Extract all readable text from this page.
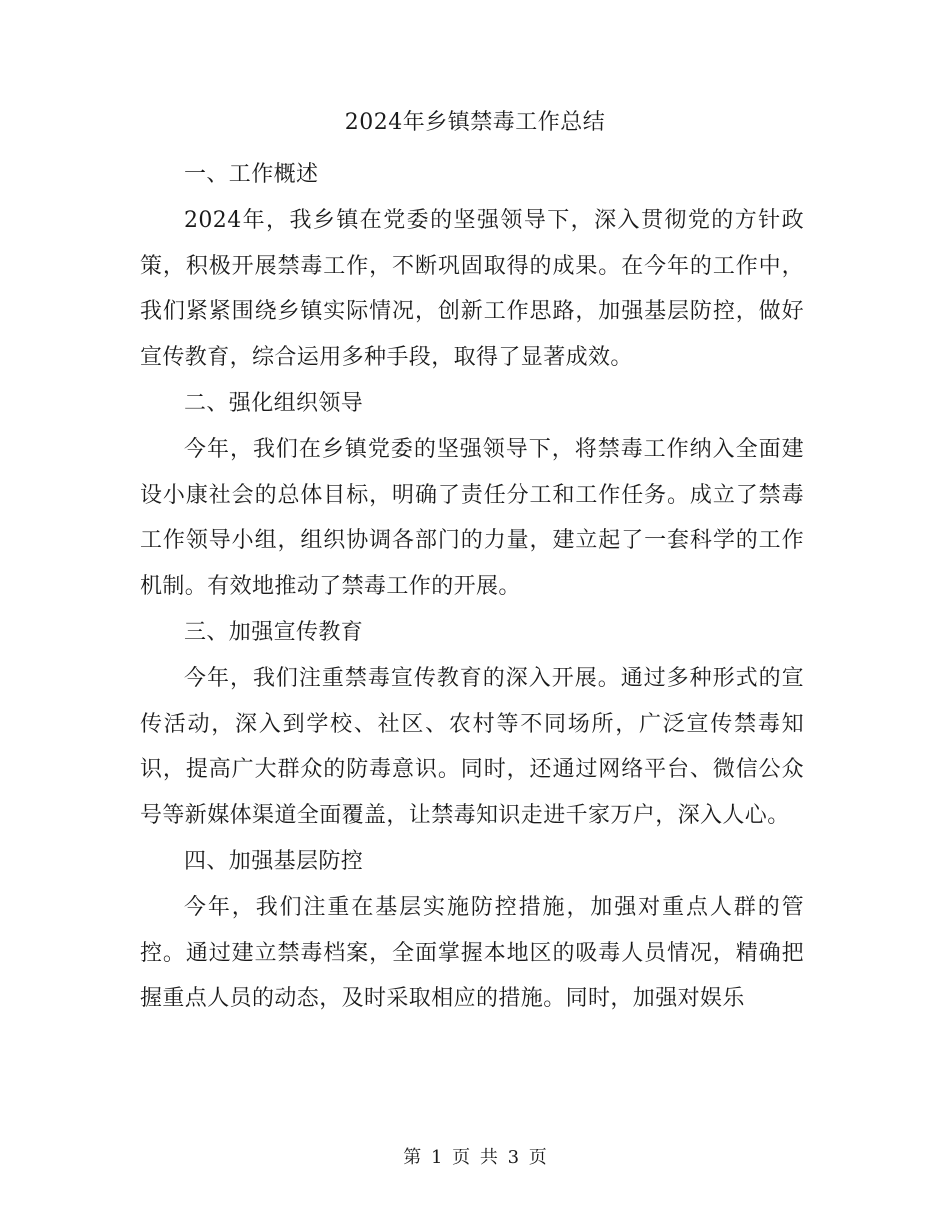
2024年乡镇禁毒工作总结

一、工作概述

2024年，我乡镇在党委的坚强领导下，深入贯彻党的方针政策，积极开展禁毒工作，不断巩固取得的成果。在今年的工作中，我们紧紧围绕乡镇实际情况，创新工作思路，加强基层防控，做好宣传教育，综合运用多种手段，取得了显著成效。

二、强化组织领导

今年，我们在乡镇党委的坚强领导下，将禁毒工作纳入全面建设小康社会的总体目标，明确了责任分工和工作任务。成立了禁毒工作领导小组，组织协调各部门的力量，建立起了一套科学的工作机制。有效地推动了禁毒工作的开展。

三、加强宣传教育

今年，我们注重禁毒宣传教育的深入开展。通过多种形式的宣传活动，深入到学校、社区、农村等不同场所，广泛宣传禁毒知识，提高广大群众的防毒意识。同时，还通过网络平台、微信公众号等新媒体渠道全面覆盖，让禁毒知识走进千家万户，深入人心。

四、加强基层防控

今年，我们注重在基层实施防控措施，加强对重点人群的管控。通过建立禁毒档案，全面掌握本地区的吸毒人员情况，精确把握重点人员的动态，及时采取相应的措施。同时，加强对娱乐

第 1 页 共 3 页
